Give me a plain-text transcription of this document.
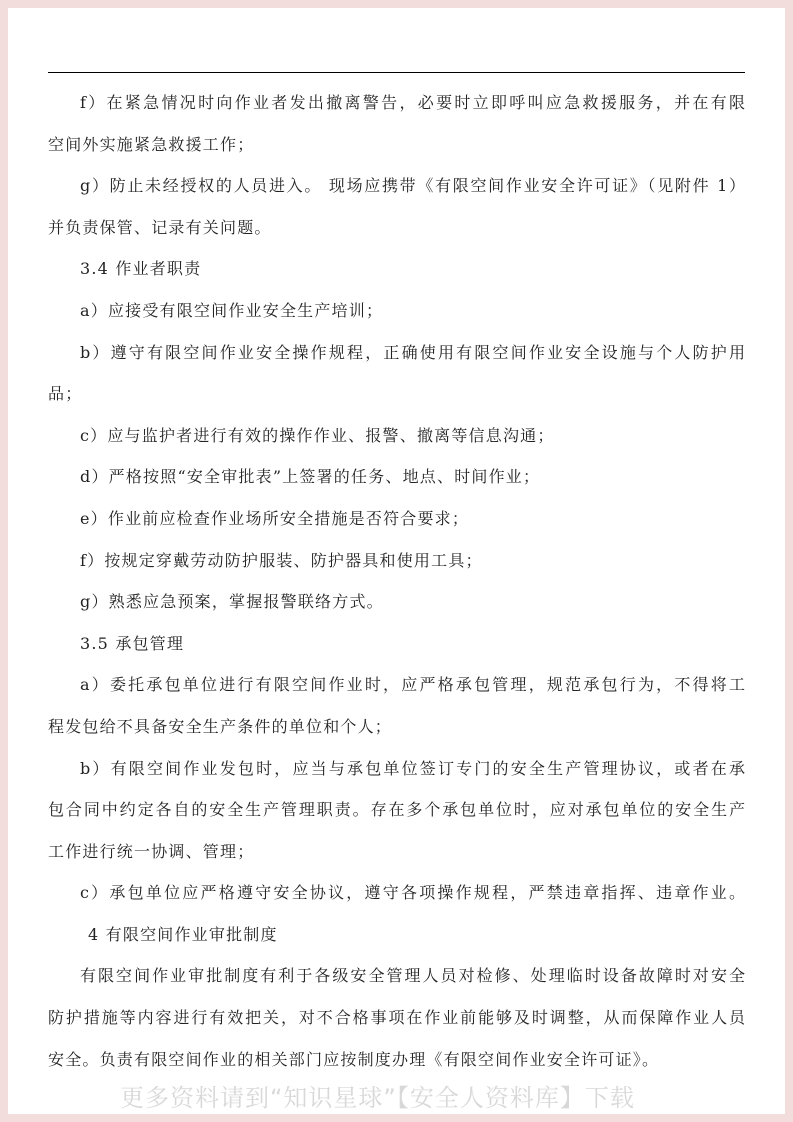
f）在紧急情况时向作业者发出撤离警告，必要时立即呼叫应急救援服务，并在有限
空间外实施紧急救援工作；
g）防止未经授权的人员进入。 现场应携带《有限空间作业安全许可证》（见附件 1）
并负责保管、记录有关问题。
3.4 作业者职责
a）应接受有限空间作业安全生产培训；
b）遵守有限空间作业安全操作规程，正确使用有限空间作业安全设施与个人防护用
品；
c）应与监护者进行有效的操作作业、报警、撤离等信息沟通；
d）严格按照“安全审批表”上签署的任务、地点、时间作业；
e）作业前应检查作业场所安全措施是否符合要求；
f）按规定穿戴劳动防护服装、防护器具和使用工具；
g）熟悉应急预案，掌握报警联络方式。
3.5 承包管理
a）委托承包单位进行有限空间作业时，应严格承包管理，规范承包行为，不得将工
程发包给不具备安全生产条件的单位和个人；
b）有限空间作业发包时，应当与承包单位签订专门的安全生产管理协议，或者在承
包合同中约定各自的安全生产管理职责。存在多个承包单位时，应对承包单位的安全生产
工作进行统一协调、管理；
c）承包单位应严格遵守安全协议，遵守各项操作规程，严禁违章指挥、违章作业。
4 有限空间作业审批制度
有限空间作业审批制度有利于各级安全管理人员对检修、处理临时设备故障时对安全
防护措施等内容进行有效把关，对不合格事项在作业前能够及时调整，从而保障作业人员
安全。负责有限空间作业的相关部门应按制度办理《有限空间作业安全许可证》。
更多资料请到“知识星球”【安全人资料库】下载
